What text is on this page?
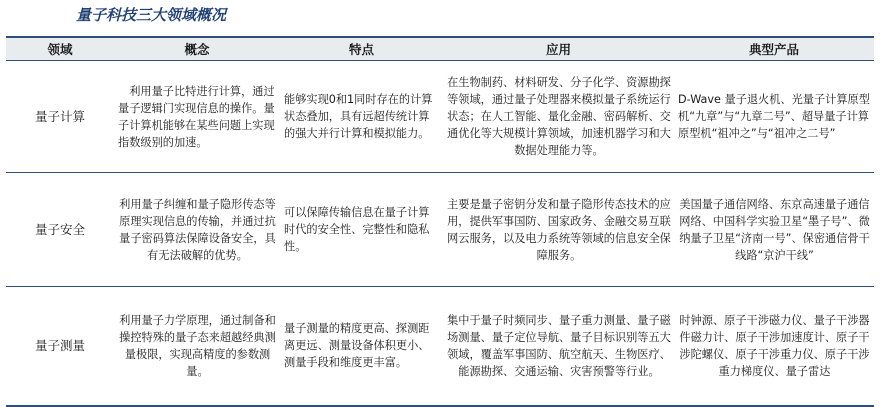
量子科技三大领域概况
领域	概念	特点	应用	典型产品
量子计算	利用量子比特进行计算，通过量子逻辑门实现信息的操作。量子计算机能够在某些问题上实现指数级别的加速。	能够实现0和1同时存在的计算状态叠加，具有远超传统计算的强大并行计算和模拟能力。	在生物制药、材料研发、分子化学、资源勘探等领域，通过量子处理器来模拟量子系统运行状态；在人工智能、量化金融、密码解析、交通优化等大规模计算领域，加速机器学习和大数据处理能力等。	D-Wave 量子退火机、光量子计算原型机“九章”与“九章二号”、超导量子计算原型机“祖冲之”与“祖冲之二号”
量子安全	利用量子纠缠和量子隐形传态等原理实现信息的传输，并通过抗量子密码算法保障设备安全，具有无法破解的优势。	可以保障传输信息在量子计算时代的安全性、完整性和隐私性。	主要是量子密钥分发和量子隐形传态技术的应用，提供军事国防、国家政务、金融交易互联网云服务，以及电力系统等领域的信息安全保障服务。	美国量子通信网络、东京高速量子通信网络、中国科学实验卫星“墨子号”、微纳量子卫星“济南一号”、保密通信骨干线路“京沪干线”
量子测量	利用量子力学原理，通过制备和操控特殊的量子态来超越经典测量极限，实现高精度的参数测量。	量子测量的精度更高、探测距离更远、测量设备体积更小、测量手段和维度更丰富。	集中于量子时频同步、量子重力测量、量子磁场测量、量子定位导航、量子目标识别等五大领域，覆盖军事国防、航空航天、生物医疗、能源勘探、交通运输、灾害预警等行业。	时钟源、原子干涉磁力仪、量子干涉器件磁力计、原子干涉加速度计、原子干涉陀螺仪、原子干涉重力仪、原子干涉重力梯度仪、量子雷达
